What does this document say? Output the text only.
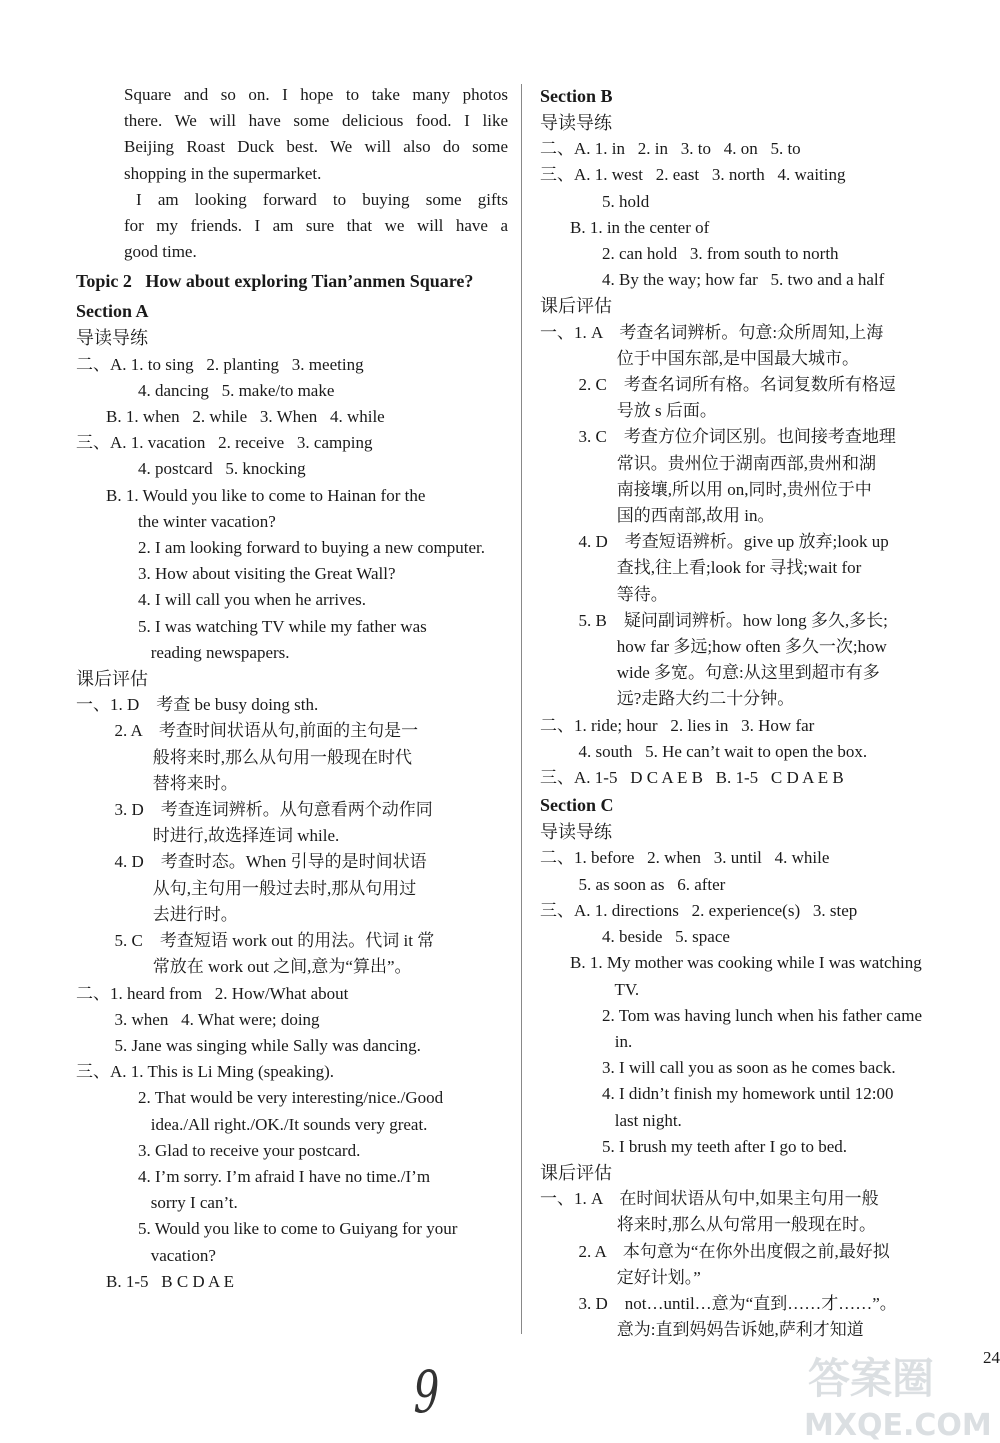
Square and so on. I hope to take many photos
there. We will have some delicious food. I like
Beijing Roast Duck best. We will also do some
shopping in the supermarket.
I am looking forward to buying some gifts
for my friends. I am sure that we will have a
good time.
Topic 2   How about exploring Tian’anmen Square?
Section A
导读导练
二、A. 1. to sing   2. planting   3. meeting
4. dancing   5. make/to make
B. 1. when   2. while   3. When   4. while
三、A. 1. vacation   2. receive   3. camping
4. postcard   5. knocking
B. 1. Would you like to come to Hainan for the
the winter vacation?
2. I am looking forward to buying a new computer.
3. How about visiting the Great Wall?
4. I will call you when he arrives.
5. I was watching TV while my father was
reading newspapers.
课后评估
一、1. D    考查 be busy doing sth.
2. A    考查时间状语从句,前面的主句是一
般将来时,那么从句用一般现在时代
替将来时。
3. D    考查连词辨析。从句意看两个动作同
时进行,故选择连词 while.
4. D    考查时态。When 引导的是时间状语
从句,主句用一般过去时,那从句用过
去进行时。
5. C    考查短语 work out 的用法。代词 it 常
常放在 work out 之间,意为“算出”。
二、1. heard from   2. How/What about
3. when   4. What were; doing
5. Jane was singing while Sally was dancing.
三、A. 1. This is Li Ming (speaking).
2. That would be very interesting/nice./Good
idea./All right./OK./It sounds very great.
3. Glad to receive your postcard.
4. I’m sorry. I’m afraid I have no time./I’m
sorry I can’t.
5. Would you like to come to Guiyang for your
vacation?
B. 1-5   B C D A E
Section B
导读导练
二、A. 1. in   2. in   3. to   4. on   5. to
三、A. 1. west   2. east   3. north   4. waiting
5. hold
B. 1. in the center of
2. can hold   3. from south to north
4. By the way; how far   5. two and a half
课后评估
一、1. A    考查名词辨析。句意:众所周知,上海
位于中国东部,是中国最大城市。
2. C    考查名词所有格。名词复数所有格逗
号放 s 后面。
3. C    考查方位介词区别。也间接考查地理
常识。贵州位于湖南西部,贵州和湖
南接壤,所以用 on,同时,贵州位于中
国的西南部,故用 in。
4. D    考查短语辨析。give up 放弃;look up
查找,往上看;look for 寻找;wait for
等待。
5. B    疑问副词辨析。how long 多久,多长;
how far 多远;how often 多久一次;how
wide 多宽。句意:从这里到超市有多
远?走路大约二十分钟。
二、1. ride; hour   2. lies in   3. How far
4. south   5. He can’t wait to open the box.
三、A. 1-5   D C A E B   B. 1-5   C D A E B
Section C
导读导练
二、1. before   2. when   3. until   4. while
5. as soon as   6. after
三、A. 1. directions   2. experience(s)   3. step
4. beside   5. space
B. 1. My mother was cooking while I was watching
TV.
2. Tom was having lunch when his father came
in.
3. I will call you as soon as he comes back.
4. I didn’t finish my homework until 12:00
last night.
5. I brush my teeth after I go to bed.
课后评估
一、1. A    在时间状语从句中,如果主句用一般
将来时,那么从句常用一般现在时。
2. A    本句意为“在你外出度假之前,最好拟
定好计划。”
3. D    not…until…意为“直到……才……”。
意为:直到妈妈告诉她,萨利才知道
24
9	答案圈
MXQE.COM
